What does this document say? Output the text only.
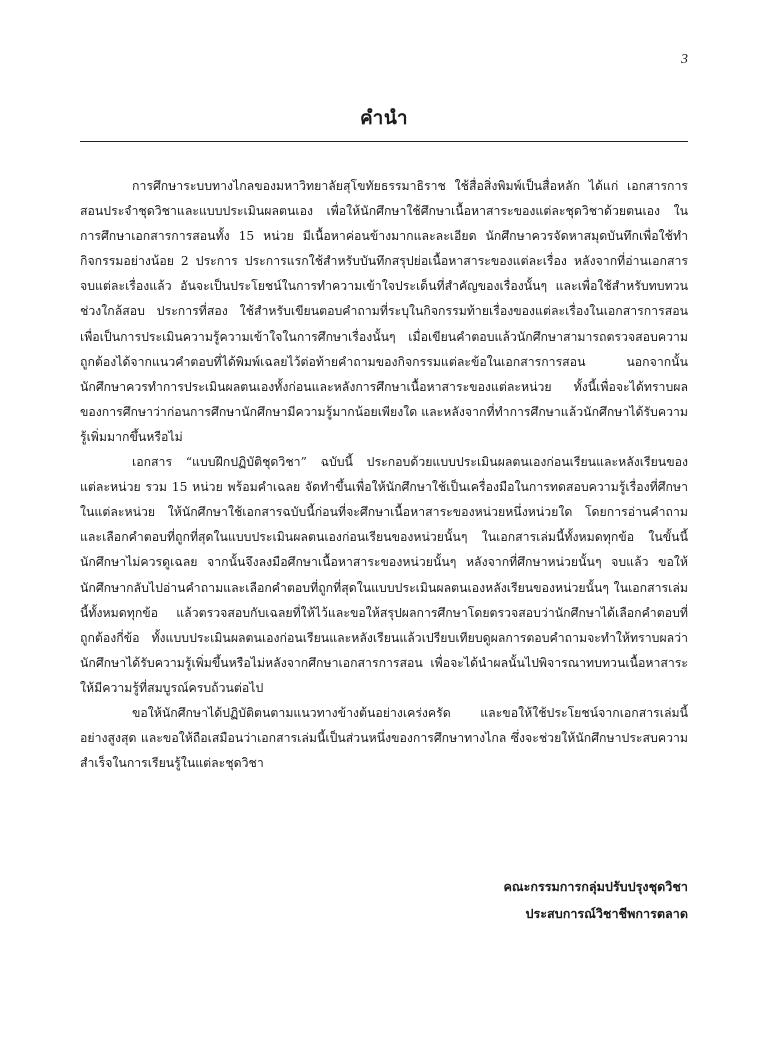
3
คำนำ

การศึกษาระบบทางไกลของมหาวิทยาลัยสุโขทัยธรรมาธิราช ใช้สื่อสิ่งพิมพ์เป็นสื่อหลัก ได้แก่ เอกสารการสอนประจำชุดวิชาและแบบประเมินผลตนเอง เพื่อให้นักศึกษาใช้ศึกษาเนื้อหาสาระของแต่ละชุดวิชาด้วยตนเอง ในการศึกษาเอกสารการสอนทั้ง 15 หน่วย มีเนื้อหาค่อนข้างมากและละเอียด นักศึกษาควรจัดหาสมุดบันทึกเพื่อใช้ทำกิจกรรมอย่างน้อย 2 ประการ ประการแรกใช้สำหรับบันทึกสรุปย่อเนื้อหาสาระของแต่ละเรื่อง หลังจากที่อ่านเอกสารจบแต่ละเรื่องแล้ว อันจะเป็นประโยชน์ในการทำความเข้าใจประเด็นที่สำคัญของเรื่องนั้นๆ และเพื่อใช้สำหรับทบทวนช่วงใกล้สอบ ประการที่สอง ใช้สำหรับเขียนตอบคำถามที่ระบุในกิจกรรมท้ายเรื่องของแต่ละเรื่องในเอกสารการสอน เพื่อเป็นการประเมินความรู้ความเข้าใจในการศึกษาเรื่องนั้นๆ เมื่อเขียนคำตอบแล้วนักศึกษาสามารถตรวจสอบความถูกต้องได้จากแนวคำตอบที่ได้พิมพ์เฉลยไว้ต่อท้ายคำถามของกิจกรรมแต่ละข้อในเอกสารการสอน นอกจากนั้น นักศึกษาควรทำการประเมินผลตนเองทั้งก่อนและหลังการศึกษาเนื้อหาสาระของแต่ละหน่วย ทั้งนี้เพื่อจะได้ทราบผลของการศึกษาว่าก่อนการศึกษานักศึกษามีความรู้มากน้อยเพียงใด และหลังจากที่ทำการศึกษาแล้วนักศึกษาได้รับความรู้เพิ่มมากขึ้นหรือไม่

เอกสาร “แบบฝึกปฏิบัติชุดวิชา” ฉบับนี้ ประกอบด้วยแบบประเมินผลตนเองก่อนเรียนและหลังเรียนของแต่ละหน่วย รวม 15 หน่วย พร้อมคำเฉลย จัดทำขึ้นเพื่อให้นักศึกษาใช้เป็นเครื่องมือในการทดสอบความรู้เรื่องที่ศึกษาในแต่ละหน่วย ให้นักศึกษาใช้เอกสารฉบับนี้ก่อนที่จะศึกษาเนื้อหาสาระของหน่วยหนึ่งหน่วยใด โดยการอ่านคำถามและเลือกคำตอบที่ถูกที่สุดในแบบประเมินผลตนเองก่อนเรียนของหน่วยนั้นๆ ในเอกสารเล่มนี้ทั้งหมดทุกข้อ ในขั้นนี้นักศึกษาไม่ควรดูเฉลย จากนั้นจึงลงมือศึกษาเนื้อหาสาระของหน่วยนั้นๆ หลังจากที่ศึกษาหน่วยนั้นๆ จบแล้ว ขอให้นักศึกษากลับไปอ่านคำถามและเลือกคำตอบที่ถูกที่สุดในแบบประเมินผลตนเองหลังเรียนของหน่วยนั้นๆ ในเอกสารเล่มนี้ทั้งหมดทุกข้อ แล้วตรวจสอบกับเฉลยที่ให้ไว้และขอให้สรุปผลการศึกษาโดยตรวจสอบว่านักศึกษาได้เลือกคำตอบที่ถูกต้องกี่ข้อ ทั้งแบบประเมินผลตนเองก่อนเรียนและหลังเรียนแล้วเปรียบเทียบดูผลการตอบคำถามจะทำให้ทราบผลว่านักศึกษาได้รับความรู้เพิ่มขึ้นหรือไม่หลังจากศึกษาเอกสารการสอน เพื่อจะได้นำผลนั้นไปพิจารณาทบทวนเนื้อหาสาระให้มีความรู้ที่สมบูรณ์ครบถ้วนต่อไป

ขอให้นักศึกษาได้ปฏิบัติตนตามแนวทางข้างต้นอย่างเคร่งครัด และขอให้ใช้ประโยชน์จากเอกสารเล่มนี้อย่างสูงสุด และขอให้ถือเสมือนว่าเอกสารเล่มนี้เป็นส่วนหนึ่งของการศึกษาทางไกล ซึ่งจะช่วยให้นักศึกษาประสบความสำเร็จในการเรียนรู้ในแต่ละชุดวิชา

คณะกรรมการกลุ่มปรับปรุงชุดวิชา
ประสบการณ์วิชาชีพการตลาด
